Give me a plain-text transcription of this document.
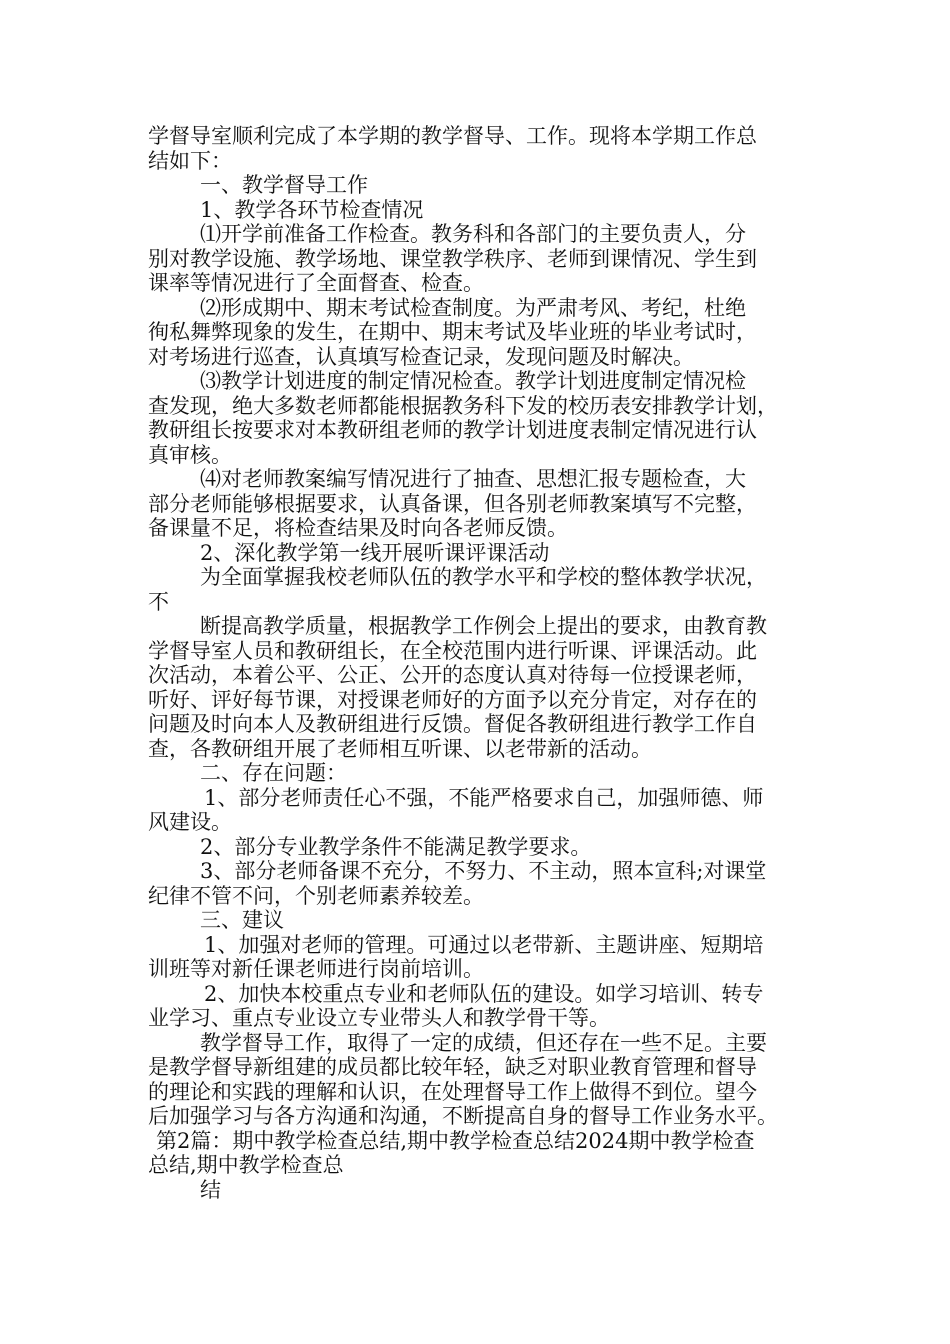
学督导室顺利完成了本学期的教学督导、工作。现将本学期工作总
结如下：
一、教学督导工作
1、教学各环节检查情况
⑴开学前准备工作检查。教务科和各部门的主要负责人，分
别对教学设施、教学场地、课堂教学秩序、老师到课情况、学生到
课率等情况进行了全面督查、检查。
⑵形成期中、期末考试检查制度。为严肃考风、考纪，杜绝
徇私舞弊现象的发生，在期中、期末考试及毕业班的毕业考试时，
对考场进行巡查，认真填写检查记录，发现问题及时解决。
⑶教学计划进度的制定情况检查。教学计划进度制定情况检
查发现，绝大多数老师都能根据教务科下发的校历表安排教学计划，
教研组长按要求对本教研组老师的教学计划进度表制定情况进行认
真审核。
⑷对老师教案编写情况进行了抽查、思想汇报专题检查，大
部分老师能够根据要求，认真备课，但各别老师教案填写不完整，
备课量不足，将检查结果及时向各老师反馈。
2、深化教学第一线开展听课评课活动
为全面掌握我校老师队伍的教学水平和学校的整体教学状况，
不
断提高教学质量，根据教学工作例会上提出的要求，由教育教
学督导室人员和教研组长，在全校范围内进行听课、评课活动。此
次活动，本着公平、公正、公开的态度认真对待每一位授课老师，
听好、评好每节课，对授课老师好的方面予以充分肯定，对存在的
问题及时向本人及教研组进行反馈。督促各教研组进行教学工作自
查，各教研组开展了老师相互听课、以老带新的活动。
二、存在问题：
1、部分老师责任心不强，不能严格要求自己，加强师德、师
风建设。
2、部分专业教学条件不能满足教学要求。
3、部分老师备课不充分，不努力、不主动，照本宣科;对课堂
纪律不管不问，个别老师素养较差。
三、建议
1、加强对老师的管理。可通过以老带新、主题讲座、短期培
训班等对新任课老师进行岗前培训。
2、加快本校重点专业和老师队伍的建设。如学习培训、转专
业学习、重点专业设立专业带头人和教学骨干等。
教学督导工作，取得了一定的成绩，但还存在一些不足。主要
是教学督导新组建的成员都比较年轻，缺乏对职业教育管理和督导
的理论和实践的理解和认识，在处理督导工作上做得不到位。望今
后加强学习与各方沟通和沟通，不断提高自身的督导工作业务水平。
第2篇：期中教学检查总结,期中教学检查总结2024期中教学检查
总结,期中教学检查总
结
